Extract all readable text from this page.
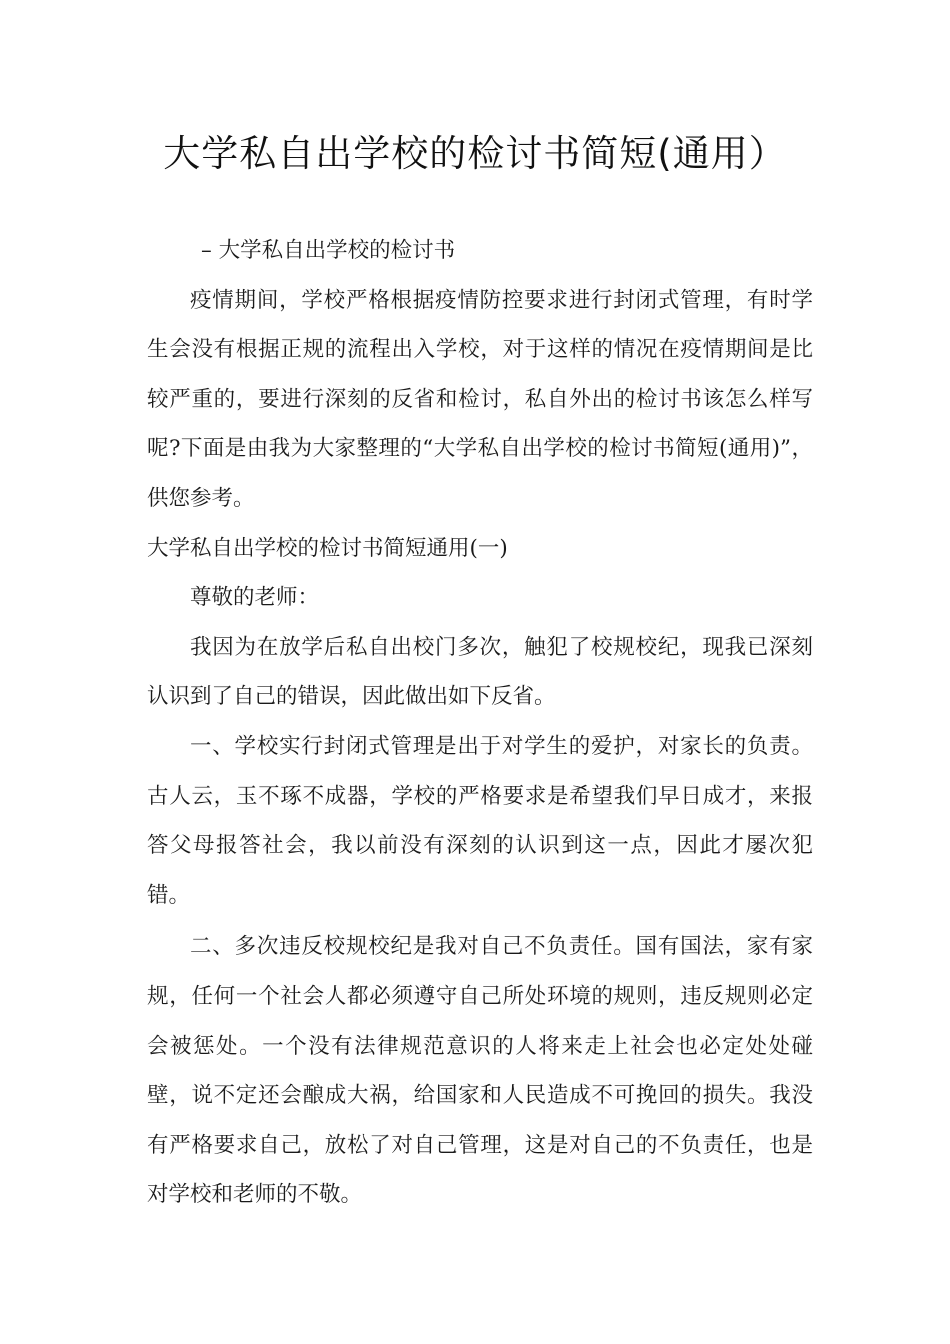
大学私自出学校的检讨书简短(通用）

– 大学私自出学校的检讨书

疫情期间，学校严格根据疫情防控要求进行封闭式管理，有时学生会没有根据正规的流程出入学校，对于这样的情况在疫情期间是比较严重的，要进行深刻的反省和检讨，私自外出的检讨书该怎么样写呢?下面是由我为大家整理的“大学私自出学校的检讨书简短(通用)”，供您参考。

大学私自出学校的检讨书简短通用(一)

尊敬的老师：

我因为在放学后私自出校门多次，触犯了校规校纪，现我已深刻认识到了自己的错误，因此做出如下反省。

一、学校实行封闭式管理是出于对学生的爱护，对家长的负责。古人云，玉不琢不成器，学校的严格要求是希望我们早日成才，来报答父母报答社会，我以前没有深刻的认识到这一点，因此才屡次犯错。

二、多次违反校规校纪是我对自己不负责任。国有国法，家有家规，任何一个社会人都必须遵守自己所处环境的规则，违反规则必定会被惩处。一个没有法律规范意识的人将来走上社会也必定处处碰壁，说不定还会酿成大祸，给国家和人民造成不可挽回的损失。我没有严格要求自己，放松了对自己管理，这是对自己的不负责任，也是对学校和老师的不敬。
